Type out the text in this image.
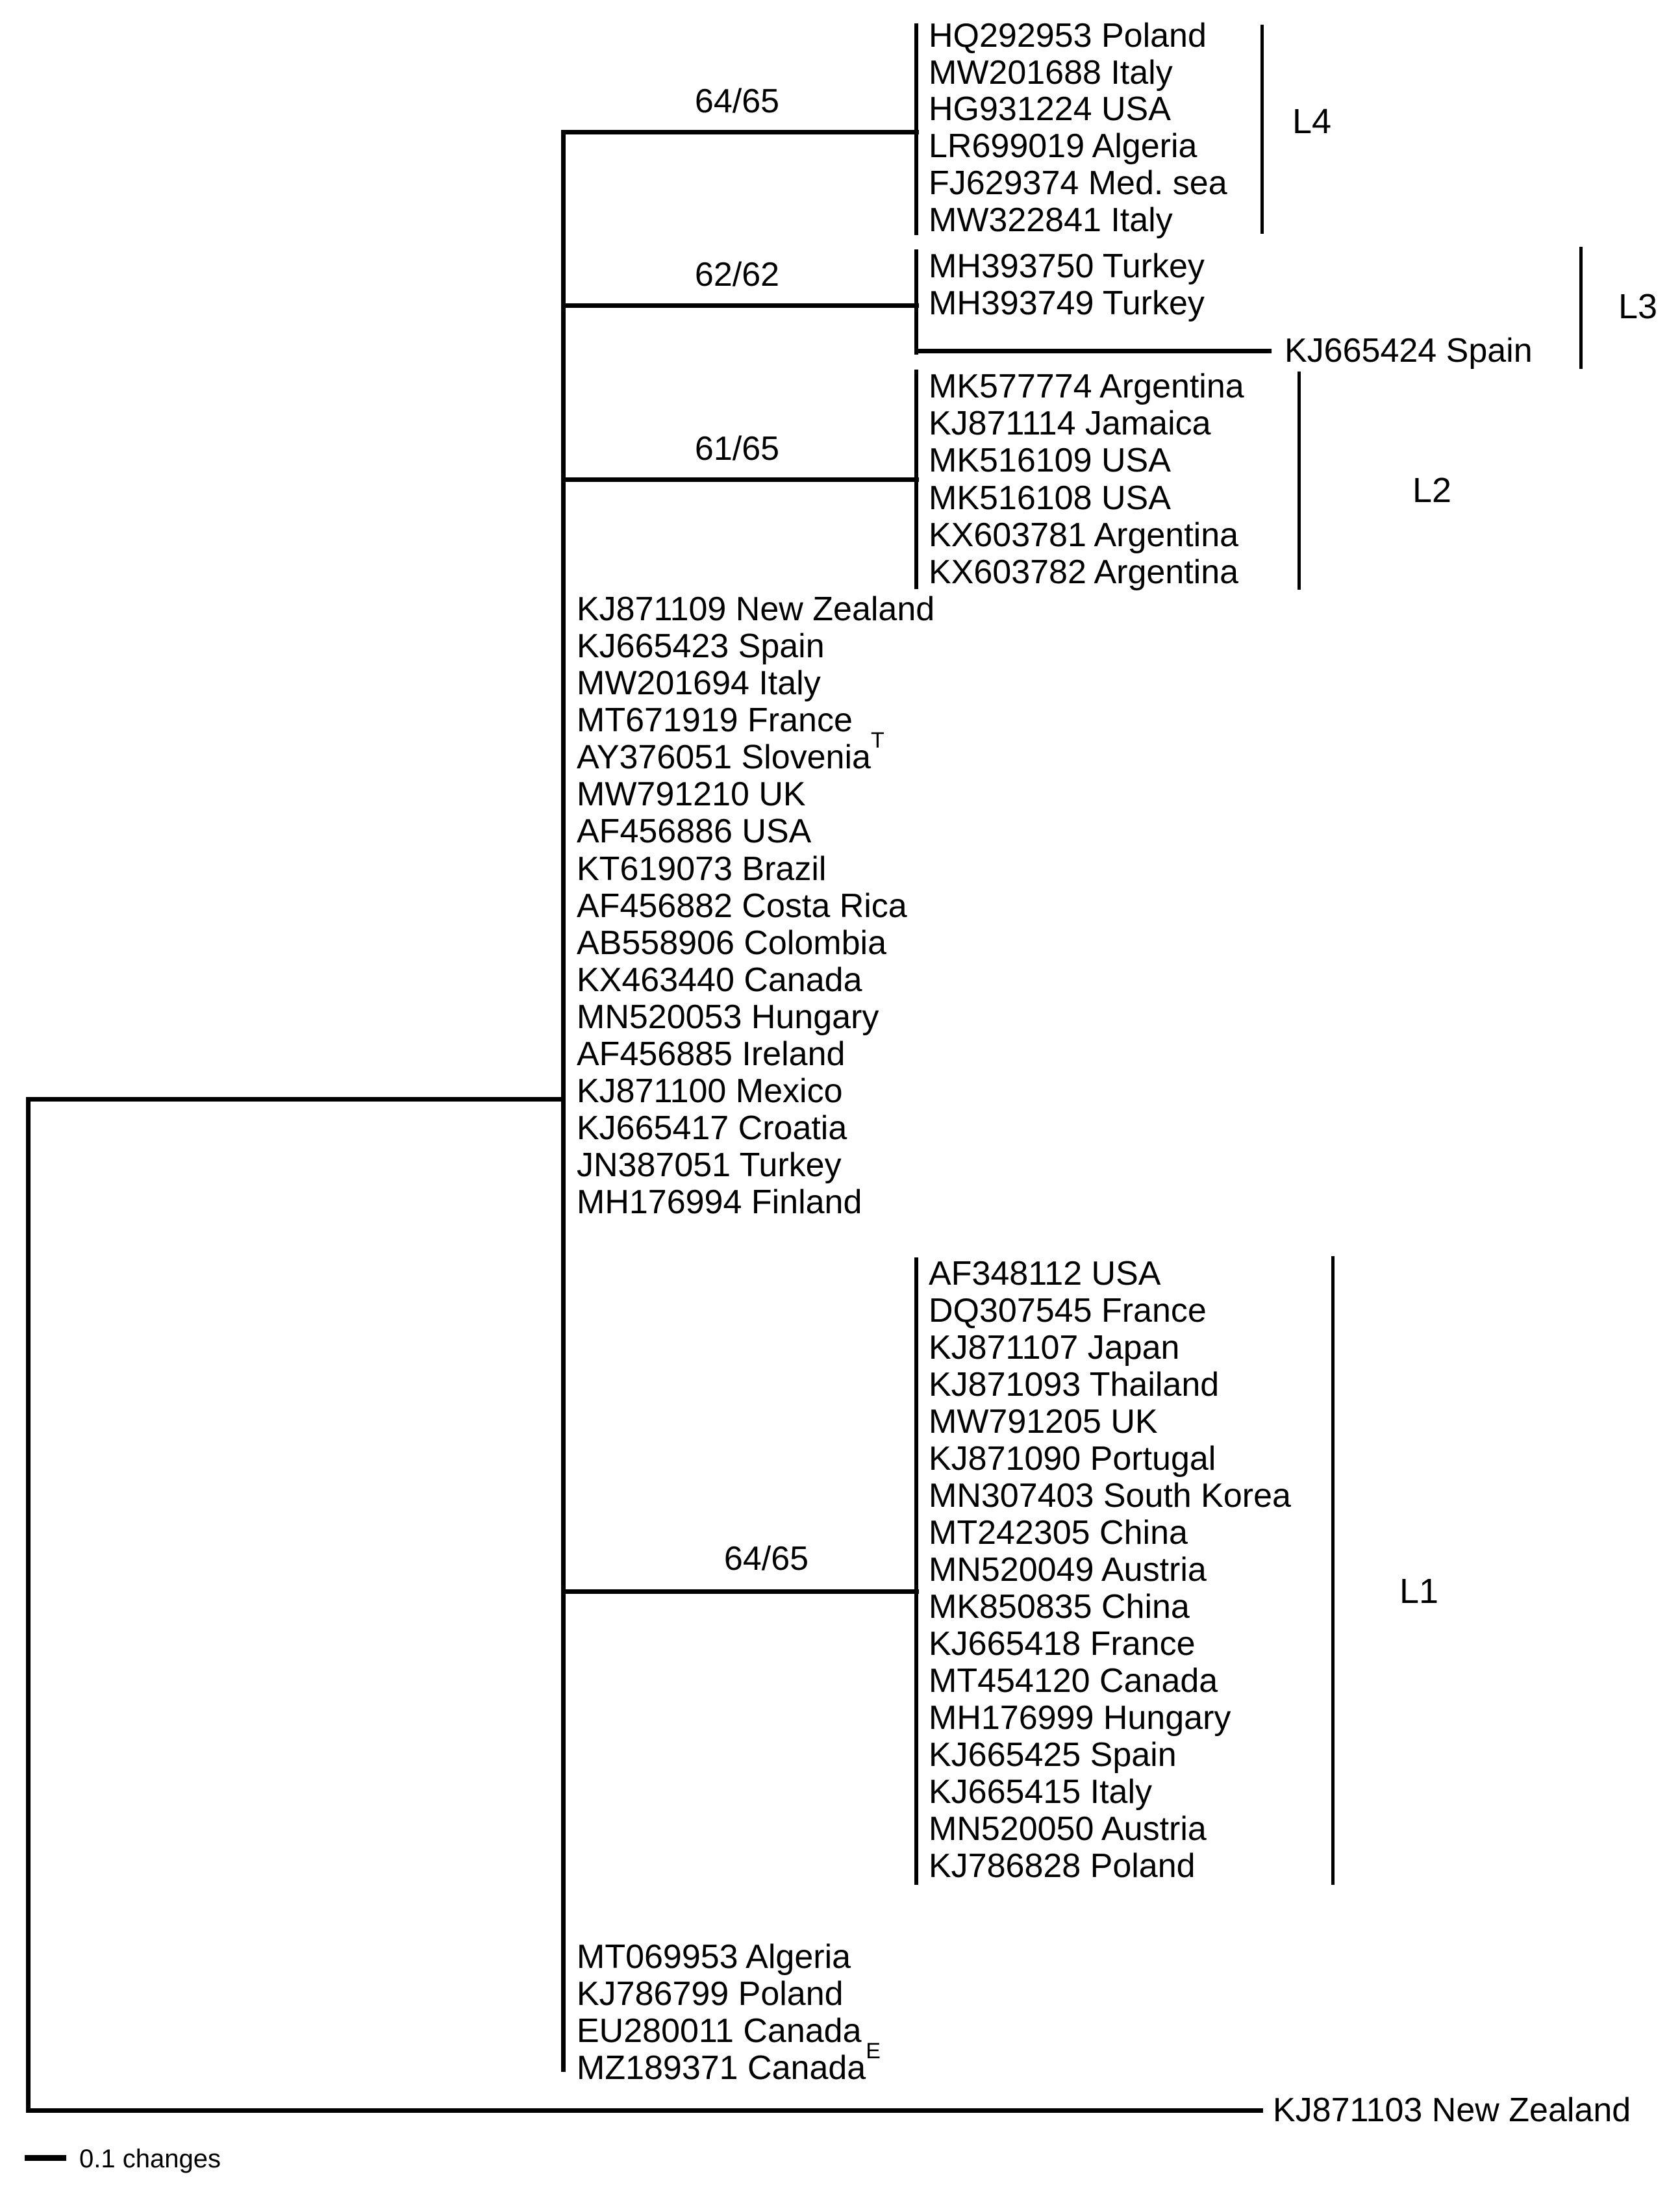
64/65
62/62
61/65
64/65
L4
L3
L2
L1
HQ292953 Poland
MW201688 Italy
HG931224 USA
LR699019 Algeria
FJ629374 Med. sea
MW322841 Italy
MH393750 Turkey
MH393749 Turkey
KJ665424 Spain
MK577774 Argentina
KJ871114 Jamaica
MK516109 USA
MK516108 USA
KX603781 Argentina
KX603782 Argentina
KJ871109 New Zealand
KJ665423 Spain
MW201694 Italy
MT671919 France
AY376051 Slovenia$^T$
MW791210 UK
AF456886 USA
KT619073 Brazil
AF456882 Costa Rica
AB558906 Colombia
KX463440 Canada
MN520053 Hungary
AF456885 Ireland
KJ871100 Mexico
KJ665417 Croatia
JN387051 Turkey
MH176994 Finland
AF348112 USA
DQ307545 France
KJ871107 Japan
KJ871093 Thailand
MW791205 UK
KJ871090 Portugal
MN307403 South Korea
MT242305 China
MN520049 Austria
MK850835 China
KJ665418 France
MT454120 Canada
MH176999 Hungary
KJ665425 Spain
KJ665415 Italy
MN520050 Austria
KJ786828 Poland
MT069953 Algeria
KJ786799 Poland
EU280011 Canada
MZ189371 Canada$^E$
KJ871103 New Zealand
0.1 changes
